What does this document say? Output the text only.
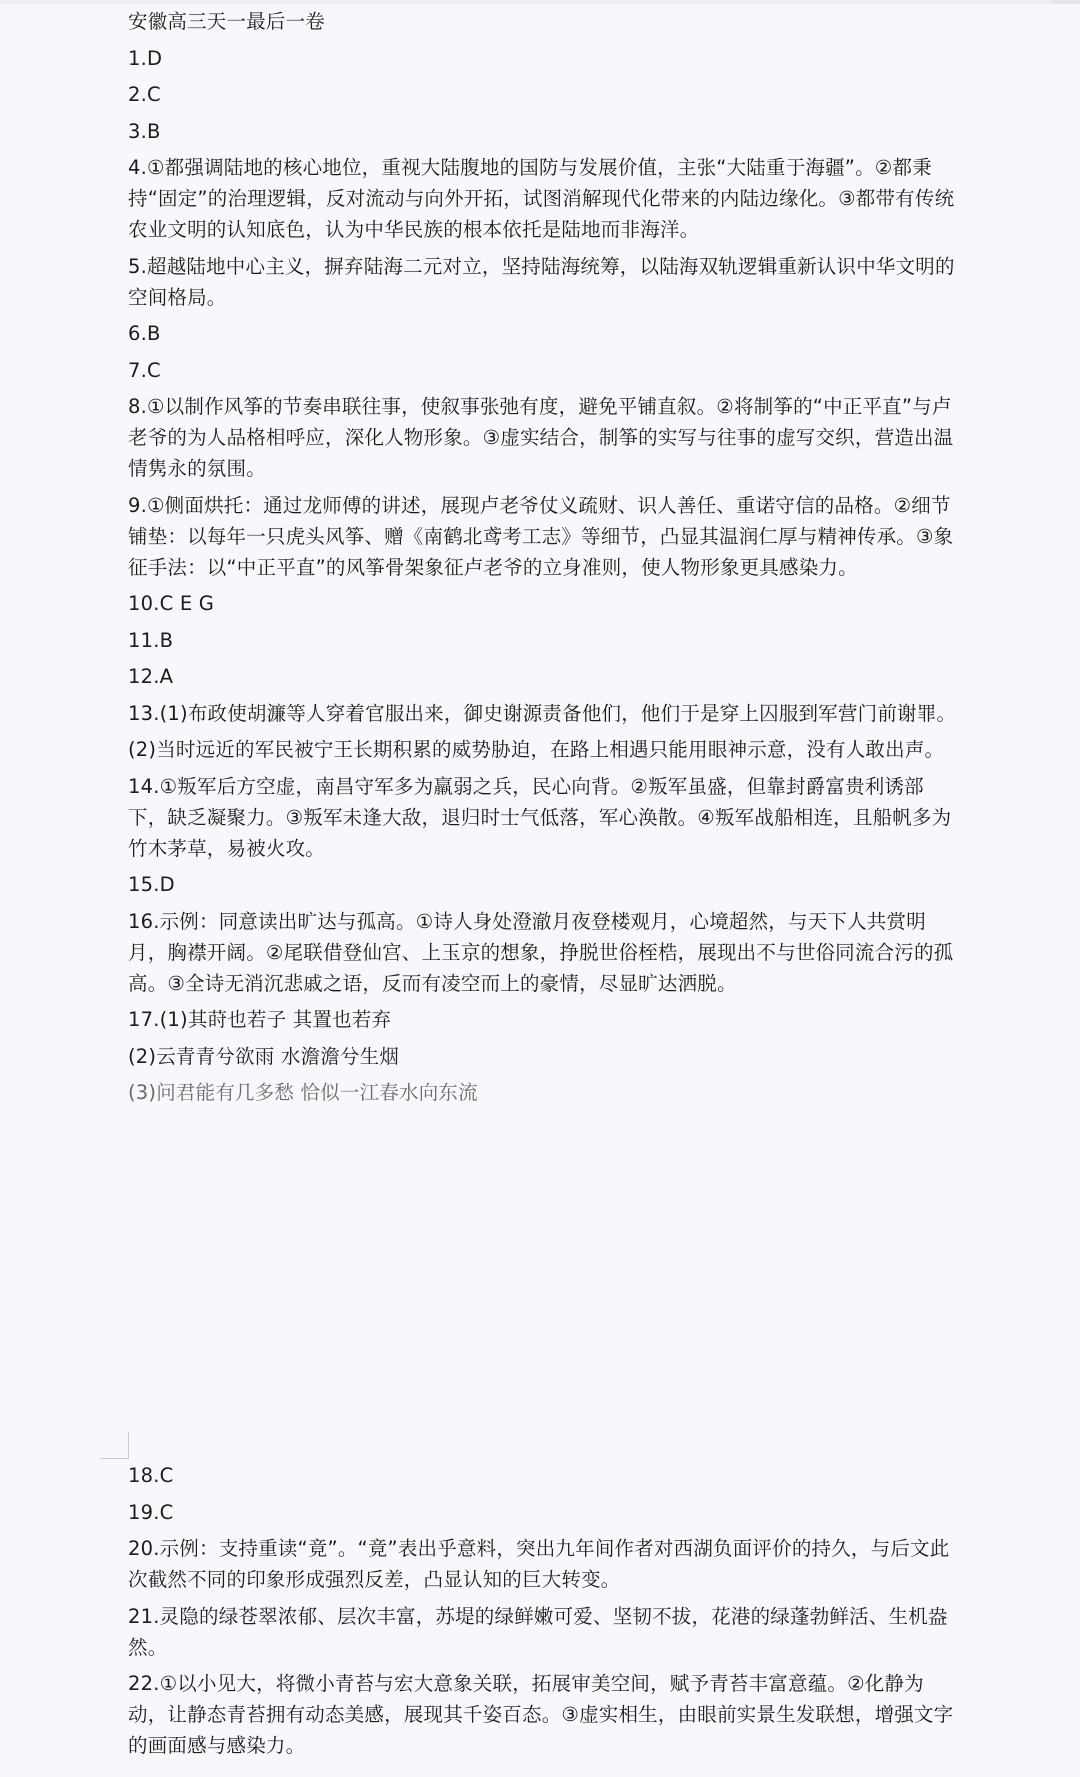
安徽高三天一最后一卷

1.D

2.C

3.B

4.①都强调陆地的核心地位，重视大陆腹地的国防与发展价值，主张“大陆重于海疆”。②都秉持“固定”的治理逻辑，反对流动与向外开拓，试图消解现代化带来的内陆边缘化。③都带有传统农业文明的认知底色，认为中华民族的根本依托是陆地而非海洋。

5.超越陆地中心主义，摒弃陆海二元对立，坚持陆海统筹，以陆海双轨逻辑重新认识中华文明的空间格局。

6.B

7.C

8.①以制作风筝的节奏串联往事，使叙事张弛有度，避免平铺直叙。②将制筝的“中正平直”与卢老爷的为人品格相呼应，深化人物形象。③虚实结合，制筝的实写与往事的虚写交织，营造出温情隽永的氛围。

9.①侧面烘托：通过龙师傅的讲述，展现卢老爷仗义疏财、识人善任、重诺守信的品格。②细节铺垫：以每年一只虎头风筝、赠《南鹤北鸢考工志》等细节，凸显其温润仁厚与精神传承。③象征手法：以“中正平直”的风筝骨架象征卢老爷的立身准则，使人物形象更具感染力。

10.C E G

11.B

12.A

13.(1)布政使胡濂等人穿着官服出来，御史谢源责备他们，他们于是穿上囚服到军营门前谢罪。

(2)当时远近的军民被宁王长期积累的威势胁迫，在路上相遇只能用眼神示意，没有人敢出声。

14.①叛军后方空虚，南昌守军多为羸弱之兵，民心向背。②叛军虽盛，但靠封爵富贵利诱部下，缺乏凝聚力。③叛军未逢大敌，退归时士气低落，军心涣散。④叛军战船相连，且船帆多为竹木茅草，易被火攻。

15.D

16.示例：同意读出旷达与孤高。①诗人身处澄澈月夜登楼观月，心境超然，与天下人共赏明月，胸襟开阔。②尾联借登仙宫、上玉京的想象，挣脱世俗桎梏，展现出不与世俗同流合污的孤高。③全诗无消沉悲戚之语，反而有凌空而上的豪情，尽显旷达洒脱。

17.(1)其莳也若子 其置也若弃

(2)云青青兮欲雨 水澹澹兮生烟

(3)问君能有几多愁 恰似一江春水向东流

18.C

19.C

20.示例：支持重读“竟”。“竟”表出乎意料，突出九年间作者对西湖负面评价的持久，与后文此次截然不同的印象形成强烈反差，凸显认知的巨大转变。

21.灵隐的绿苍翠浓郁、层次丰富，苏堤的绿鲜嫩可爱、坚韧不拔，花港的绿蓬勃鲜活、生机盎然。

22.①以小见大，将微小青苔与宏大意象关联，拓展审美空间，赋予青苔丰富意蕴。②化静为动，让静态青苔拥有动态美感，展现其千姿百态。③虚实相生，由眼前实景生发联想，增强文字的画面感与感染力。
